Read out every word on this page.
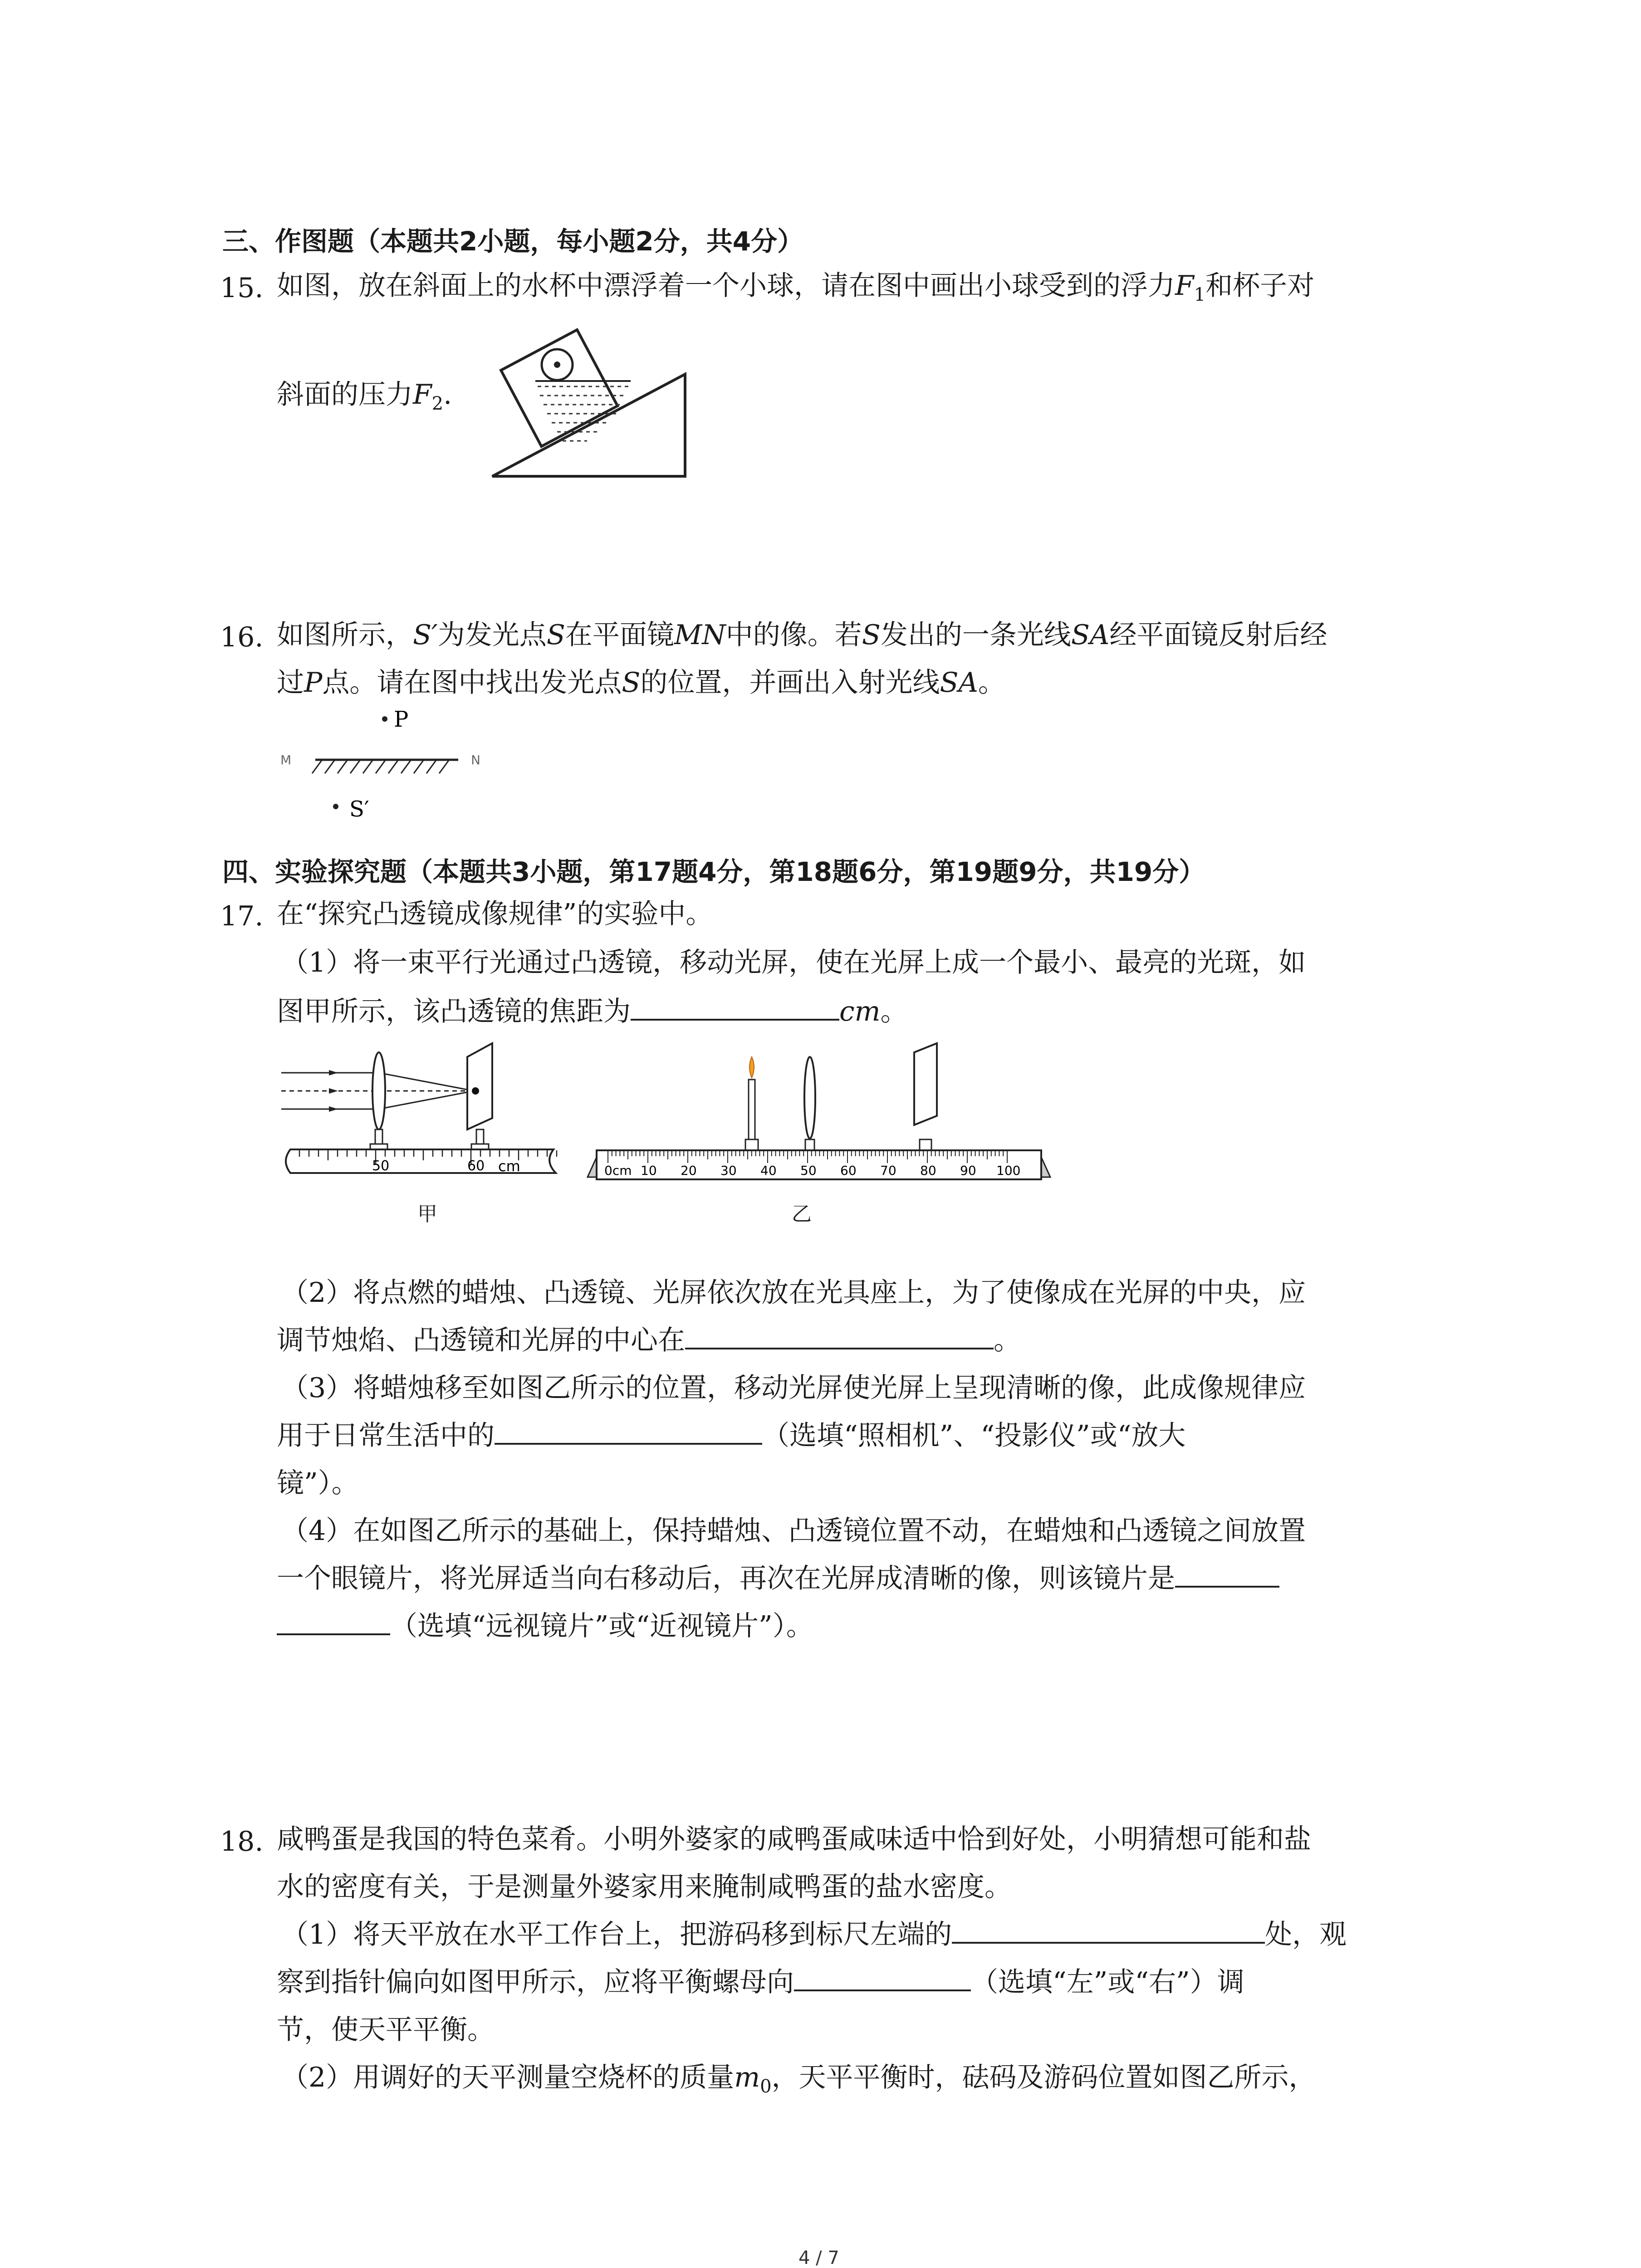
三、作图题（本题共2小题，每小题2分，共4分）
15. 如图，放在斜面上的水杯中漂浮着一个小球，请在图中画出小球受到的浮力$F_1$和杯子对
斜面的压力$F_2$.
16. 如图所示，S′为发光点S在平面镜MN中的像。若S发出的一条光线SA经平面镜反射后经
过P点。请在图中找出发光点S的位置，并画出入射光线SA。
P
M	N
S′
四、实验探究题（本题共3小题，第17题4分，第18题6分，第19题9分，共19分）
17. 在“探究凸透镜成像规律”的实验中。
（1）将一束平行光通过凸透镜，移动光屏，使在光屏上成一个最小、最亮的光斑，如
图甲所示，该凸透镜的焦距为	cm。
50	60 cm
甲
0cm 10 20 30 40 50 60 70 80 90 100
乙
（2）将点燃的蜡烛、凸透镜、光屏依次放在光具座上，为了使像成在光屏的中央，应
调节烛焰、凸透镜和光屏的中心在	。
（3）将蜡烛移至如图乙所示的位置，移动光屏使光屏上呈现清晰的像，此成像规律应
用于日常生活中的	（选填“照相机”、“投影仪”或“放大
镜”）。
（4）在如图乙所示的基础上，保持蜡烛、凸透镜位置不动，在蜡烛和凸透镜之间放置
一个眼镜片，将光屏适当向右移动后，再次在光屏成清晰的像，则该镜片是
（选填“远视镜片”或“近视镜片”）。
18. 咸鸭蛋是我国的特色菜肴。小明外婆家的咸鸭蛋咸味适中恰到好处，小明猜想可能和盐
水的密度有关，于是测量外婆家用来腌制咸鸭蛋的盐水密度。
（1）将天平放在水平工作台上，把游码移到标尺左端的	处，观
察到指针偏向如图甲所示，应将平衡螺母向	（选填“左”或“右”）调
节，使天平平衡。
（2）用调好的天平测量空烧杯的质量$m_0$，天平平衡时，砝码及游码位置如图乙所示，
4 / 7
